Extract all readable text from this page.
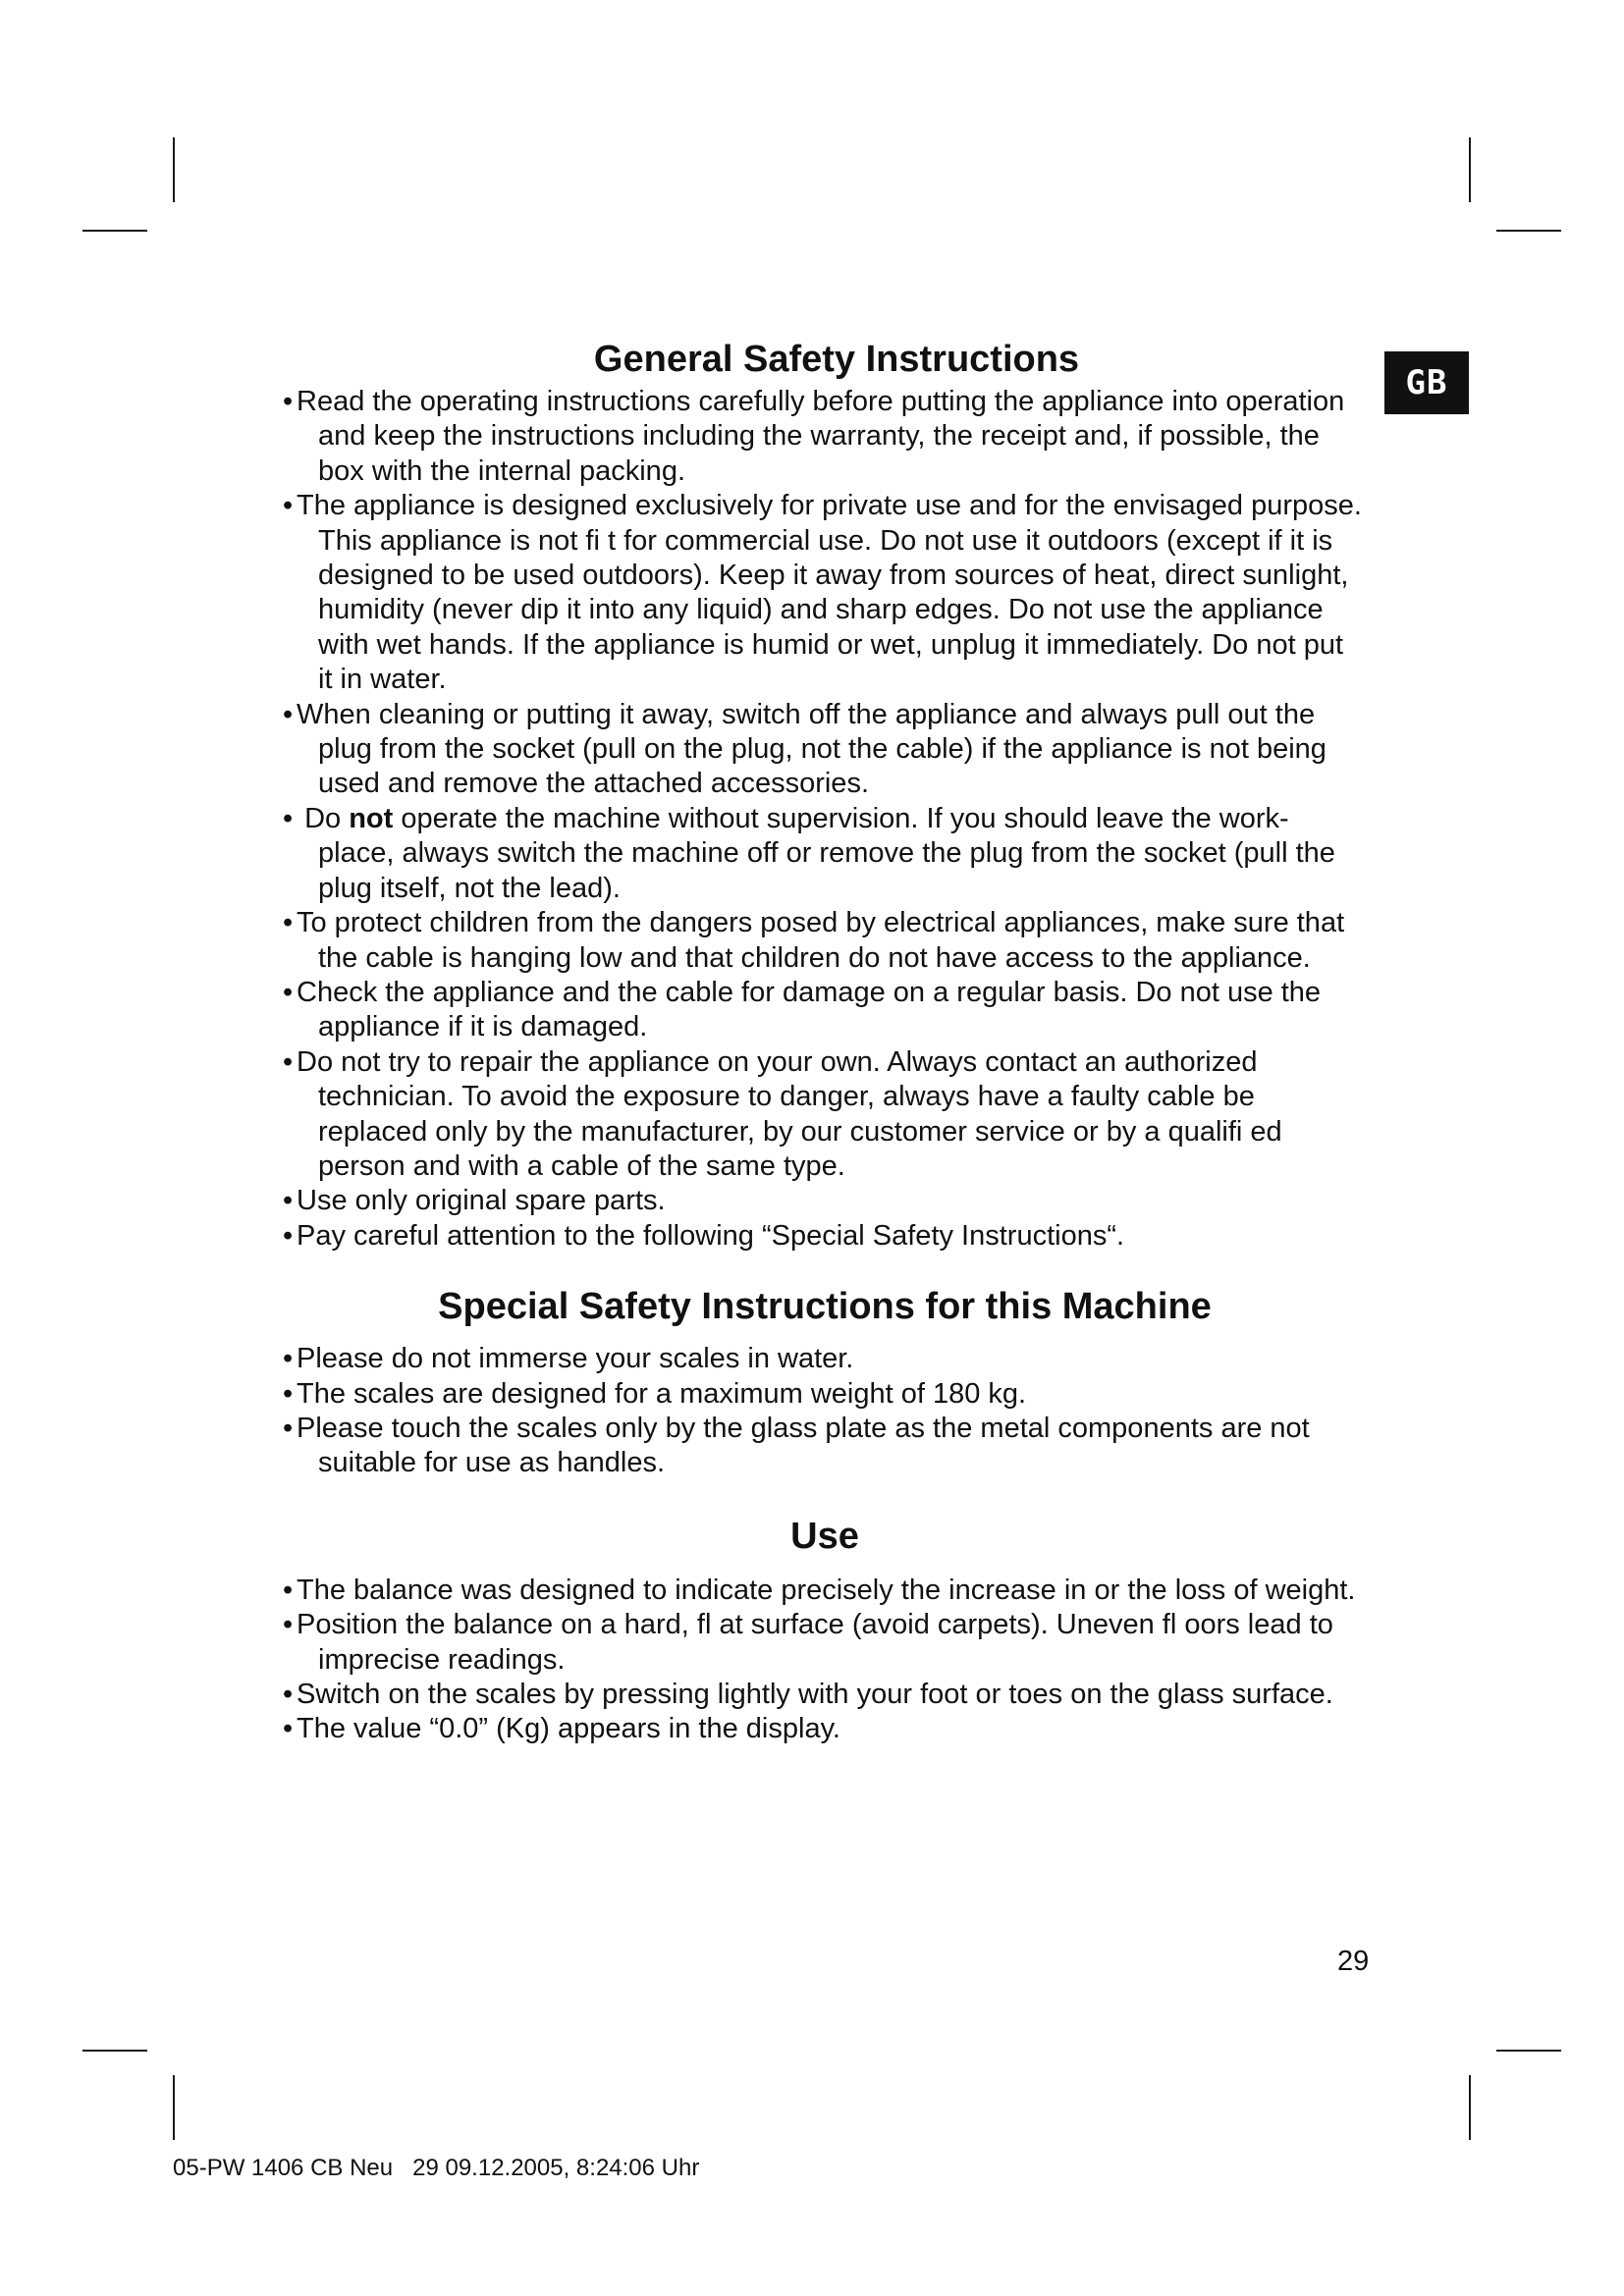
GB
General Safety Instructions
• Read the operating instructions carefully before putting the appliance into operation and keep the instructions including the warranty, the receipt and, if possible, the box with the internal packing.
• The appliance is designed exclusively for private use and for the envisaged purpose. This appliance is not fi t for commercial use. Do not use it outdoors (except if it is designed to be used outdoors). Keep it away from sources of heat, direct sunlight, humidity (never dip it into any liquid) and sharp edges. Do not use the appliance with wet hands. If the appliance is humid or wet, unplug it immediately. Do not put it in water.
• When cleaning or putting it away, switch off the appliance and always pull out the plug from the socket (pull on the plug, not the cable) if the appliance is not being used and remove the attached accessories.
• Do not operate the machine without supervision. If you should leave the work-place, always switch the machine off or remove the plug from the socket (pull the plug itself, not the lead).
• To protect children from the dangers posed by electrical appliances, make sure that the cable is hanging low and that children do not have access to the appliance.
• Check the appliance and the cable for damage on a regular basis. Do not use the appliance if it is damaged.
• Do not try to repair the appliance on your own. Always contact an authorized technician. To avoid the exposure to danger, always have a faulty cable be replaced only by the manufacturer, by our customer service or by a qualifi ed person and with a cable of the same type.
• Use only original spare parts.
• Pay careful attention to the following “Special Safety Instructions“.
Special Safety Instructions for this Machine
• Please do not immerse your scales in water.
• The scales are designed for a maximum weight of 180 kg.
• Please touch the scales only by the glass plate as the metal components are not suitable for use as handles.
Use
• The balance was designed to indicate precisely the increase in or the loss of weight.
• Position the balance on a hard, fl at surface (avoid carpets). Uneven fl oors lead to imprecise readings.
• Switch on the scales by pressing lightly with your foot or toes on the glass surface.
• The value “0.0” (Kg) appears in the display.
29
05-PW 1406 CB Neu   29 09.12.2005, 8:24:06 Uhr
